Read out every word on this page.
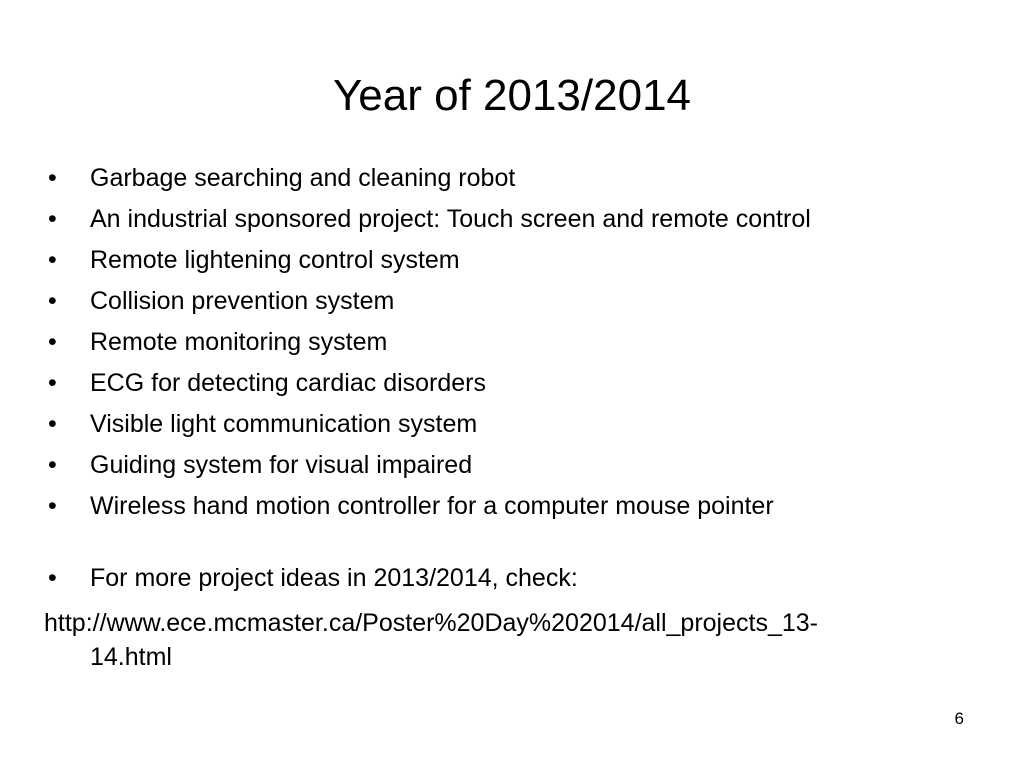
Year of 2013/2014
• Garbage searching and cleaning robot
• An industrial sponsored project: Touch screen and remote control
• Remote lightening control system
• Collision prevention system
• Remote monitoring system
• ECG for detecting cardiac disorders
• Visible light communication system
• Guiding system for visual impaired
• Wireless hand motion controller for a computer mouse pointer
• For more project ideas in 2013/2014, check:

http://www.ece.mcmaster.ca/Poster%20Day%202014/all_projects_13-
14.html

6
